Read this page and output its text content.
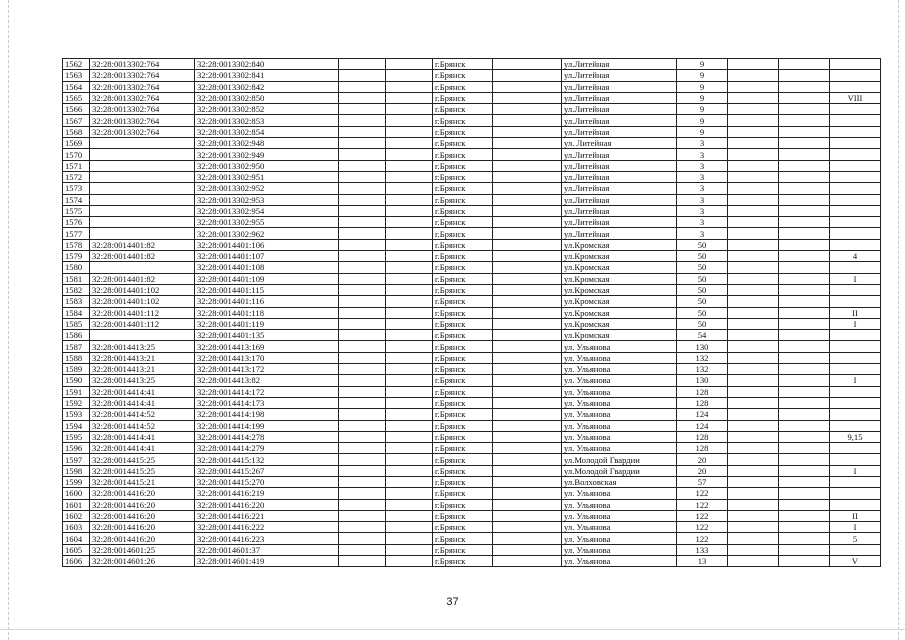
1562	32:28:0013302:764	32:28:0013302:840			г.Брянск		ул.Литейная	9			
1563	32:28:0013302:764	32:28:0013302:841			г.Брянск		ул.Литейная	9			
1564	32:28:0013302:764	32:28:0013302:842			г.Брянск		ул.Литейная	9			
1565	32:28:0013302:764	32:28:0013302:850			г.Брянск		ул.Литейная	9			VIII
1566	32:28:0013302:764	32:28:0013302:852			г.Брянск		ул.Литейная	9			
1567	32:28:0013302:764	32:28:0013302:853			г.Брянск		ул.Литейная	9			
1568	32:28:0013302:764	32:28:0013302:854			г.Брянск		ул.Литейная	9			
1569		32:28:0013302:948			г.Брянск		ул. Литейная	3			
1570		32:28:0013302:949			г.Брянск		ул.Литейная	3			
1571		32:28:0013302:950			г.Брянск		ул.Литейная	3			
1572		32:28:0013302:951			г.Брянск		ул.Литейная	3			
1573		32:28:0013302:952			г.Брянск		ул.Литейная	3			
1574		32:28:0013302:953			г.Брянск		ул.Литейная	3			
1575		32:28:0013302:954			г.Брянск		ул.Литейная	3			
1576		32:28:0013302:955			г.Брянск		ул.Литейная	3			
1577		32:28:0013302:962			г.Брянск		ул.Литейная	3			
1578	32:28:0014401:82	32:28:0014401:106			г.Брянск		ул.Кромская	50			
1579	32:28:0014401:82	32:28:0014401:107			г.Брянск		ул.Кромская	50			4
1580		32:28:0014401:108			г.Брянск		ул.Кромская	50			
1581	32:28:0014401:82	32:28:0014401:109			г.Брянск		ул.Кромская	50			I
1582	32:28:0014401:102	32:28:0014401:115			г.Брянск		ул.Кромская	50			
1583	32:28:0014401:102	32:28:0014401:116			г.Брянск		ул.Кромская	50			
1584	32:28:0014401:112	32:28:0014401:118			г.Брянск		ул.Кромская	50			II
1585	32:28:0014401:112	32:28:0014401:119			г.Брянск		ул.Кромская	50			I
1586		32:28:0014401:135			г.Брянск		ул.Кромская	54			
1587	32:28:0014413:25	32:28:0014413:169			г.Брянск		ул. Ульянова	130			
1588	32:28:0014413:21	32:28:0014413:170			г.Брянск		ул. Ульянова	132			
1589	32:28:0014413:21	32:28:0014413:172			г.Брянск		ул. Ульянова	132			
1590	32:28:0014413:25	32:28:0014413:82			г.Брянск		ул. Ульянова	130			I
1591	32:28:0014414:41	32:28:0014414:172			г.Брянск		ул. Ульянова	128			
1592	32:28:0014414:41	32:28:0014414:173			г.Брянск		ул. Ульянова	128			
1593	32:28:0014414:52	32:28:0014414:198			г.Брянск		ул. Ульянова	124			
1594	32:28:0014414:52	32:28:0014414:199			г.Брянск		ул. Ульянова	124			
1595	32:28:0014414:41	32:28:0014414:278			г.Брянск		ул. Ульянова	128			9,15
1596	32:28:0014414:41	32:28:0014414:279			г.Брянск		ул. Ульянова	128			
1597	32:28:0014415:25	32:28:0014415:132			г.Брянск		ул.Молодой Гвардии	20			
1598	32:28:0014415:25	32:28:0014415:267			г.Брянск		ул.Молодой Гвардии	20			I
1599	32:28:0014415:21	32:28:0014415:270			г.Брянск		ул.Волховская	57			
1600	32:28:0014416:20	32:28:0014416:219			г.Брянск		ул. Ульянова	122			
1601	32:28:0014416:20	32:28:0014416:220			г.Брянск		ул. Ульянова	122			
1602	32:28:0014416:20	32:28:0014416:221			г.Брянск		ул. Ульянова	122			II
1603	32:28:0014416:20	32:28:0014416:222			г.Брянск		ул. Ульянова	122			I
1604	32:28:0014416:20	32:28:0014416:223			г.Брянск		ул. Ульянова	122			5
1605	32:28:0014601:25	32:28:0014601:37			г.Брянск		ул. Ульянова	133			
1606	32:28:0014601:26	32:28:0014601:419			г.Брянск		ул. Ульянова	13			V
37
